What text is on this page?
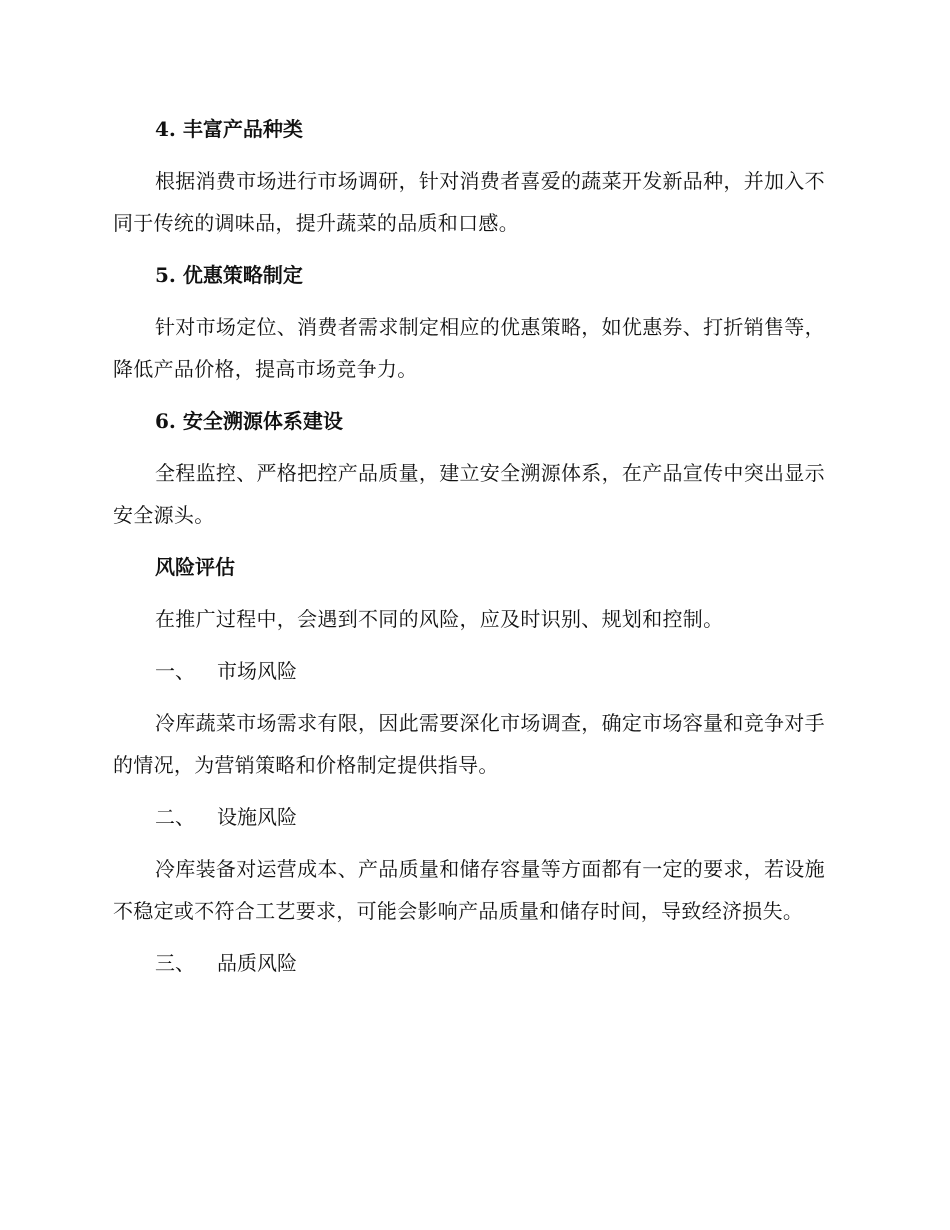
4. 丰富产品种类
根据消费市场进行市场调研，针对消费者喜爱的蔬菜开发新品种，并加入不同于传统的调味品，提升蔬菜的品质和口感。
5. 优惠策略制定
针对市场定位、消费者需求制定相应的优惠策略，如优惠券、打折销售等，降低产品价格，提高市场竞争力。
6. 安全溯源体系建设
全程监控、严格把控产品质量，建立安全溯源体系，在产品宣传中突出显示安全源头。
风险评估
在推广过程中，会遇到不同的风险，应及时识别、规划和控制。
一、 市场风险
冷库蔬菜市场需求有限，因此需要深化市场调查，确定市场容量和竞争对手的情况，为营销策略和价格制定提供指导。
二、 设施风险
冷库装备对运营成本、产品质量和储存容量等方面都有一定的要求，若设施不稳定或不符合工艺要求，可能会影响产品质量和储存时间，导致经济损失。
三、 品质风险
